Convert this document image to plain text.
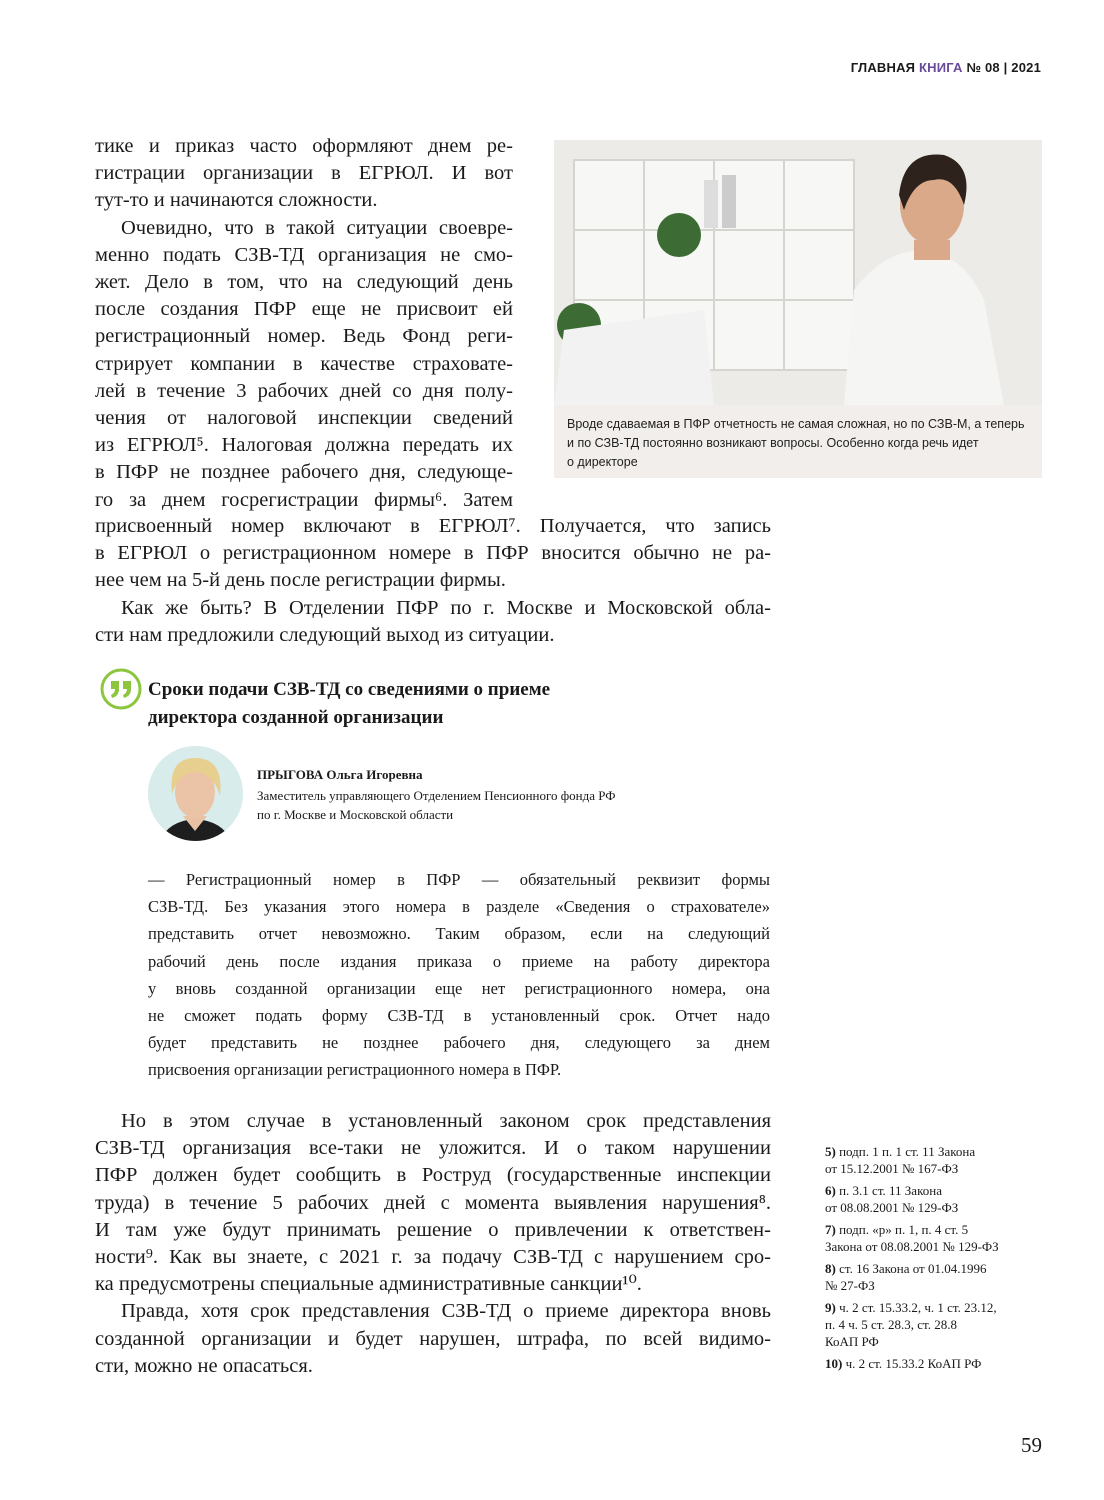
ГЛАВНАЯ КНИГА № 08 | 2021
тике и приказ часто оформляют днем ре-
гистрации организации в ЕГРЮЛ. И вот
тут-то и начинаются сложности.
Очевидно, что в такой ситуации своевре-
менно подать СЗВ-ТД организация не смо-
жет. Дело в том, что на следующий день
после создания ПФР еще не присвоит ей
регистрационный номер. Ведь Фонд реги-
стрирует компании в качестве страховате-
лей в течение 3 рабочих дней со дня полу-
чения от налоговой инспекции сведений
из ЕГРЮЛ⁵. Налоговая должна передать их
в ПФР не позднее рабочего дня, следующе-
го за днем госрегистрации фирмы⁶. Затем
присвоенный номер включают в ЕГРЮЛ⁷. Получается, что запись
в ЕГРЮЛ о регистрационном номере в ПФР вносится обычно не ра-
нее чем на 5-й день после регистрации фирмы.
Как же быть? В Отделении ПФР по г. Москве и Московской обла-
сти нам предложили следующий выход из ситуации.
Вроде сдаваемая в ПФР отчетность не самая сложная, но по СЗВ-М, а теперь
и по СЗВ-ТД постоянно возникают вопросы. Особенно когда речь идет
о директоре
Сроки подачи СЗВ-ТД со сведениями о приеме
директора созданной организации
ПРЫГОВА Ольга Игоревна
Заместитель управляющего Отделением Пенсионного фонда РФ
по г. Москве и Московской области
— Регистрационный номер в ПФР — обязательный реквизит формы
СЗВ-ТД. Без указания этого номера в разделе «Сведения о страхователе»
представить отчет невозможно. Таким образом, если на следующий
рабочий день после издания приказа о приеме на работу директора
у вновь созданной организации еще нет регистрационного номера, она
не сможет подать форму СЗВ-ТД в установленный срок. Отчет надо
будет представить не позднее рабочего дня, следующего за днем
присвоения организации регистрационного номера в ПФР.
Но в этом случае в установленный законом срок представления
СЗВ-ТД организация все-таки не уложится. И о таком нарушении
ПФР должен будет сообщить в Роструд (государственные инспекции
труда) в течение 5 рабочих дней с момента выявления нарушения⁸.
И там уже будут принимать решение о привлечении к ответствен-
ности⁹. Как вы знаете, с 2021 г. за подачу СЗВ-ТД с нарушением сро-
ка предусмотрены специальные административные санкции¹⁰.
Правда, хотя срок представления СЗВ-ТД о приеме директора вновь
созданной организации и будет нарушен, штрафа, по всей видимо-
сти, можно не опасаться.
5) подп. 1 п. 1 ст. 11 Закона
от 15.12.2001 № 167-ФЗ
6) п. 3.1 ст. 11 Закона
от 08.08.2001 № 129-ФЗ
7) подп. «р» п. 1, п. 4 ст. 5
Закона от 08.08.2001 № 129-ФЗ
8) ст. 16 Закона от 01.04.1996
№ 27-ФЗ
9) ч. 2 ст. 15.33.2, ч. 1 ст. 23.12,
п. 4 ч. 5 ст. 28.3, ст. 28.8
КоАП РФ
10) ч. 2 ст. 15.33.2 КоАП РФ
59
